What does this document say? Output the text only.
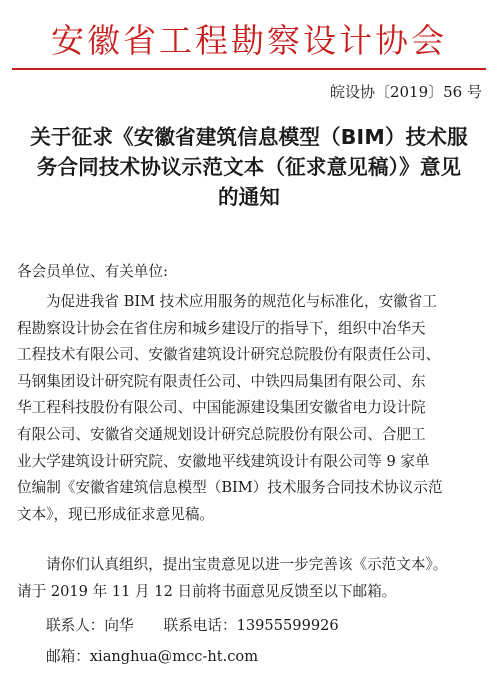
安徽省工程勘察设计协会
皖设协〔2019〕56 号
关于征求《安徽省建筑信息模型（BIM）技术服
务合同技术协议示范文本（征求意见稿）》意见
的通知
各会员单位、有关单位:
为促进我省 BIM 技术应用服务的规范化与标准化，安徽省工
程勘察设计协会在省住房和城乡建设厅的指导下，组织中冶华天
工程技术有限公司、安徽省建筑设计研究总院股份有限责任公司、
马钢集团设计研究院有限责任公司、中铁四局集团有限公司、东
华工程科技股份有限公司、中国能源建设集团安徽省电力设计院
有限公司、安徽省交通规划设计研究总院股份有限公司、合肥工
业大学建筑设计研究院、安徽地平线建筑设计有限公司等 9 家单
位编制《安徽省建筑信息模型（BIM）技术服务合同技术协议示范
文本》，现已形成征求意见稿。
请你们认真组织，提出宝贵意见以进一步完善该《示范文本》。
请于 2019 年 11 月 12 日前将书面意见反馈至以下邮箱。
联系人：向华 联系电话：13955599926
邮箱：xianghua@mcc-ht.com
